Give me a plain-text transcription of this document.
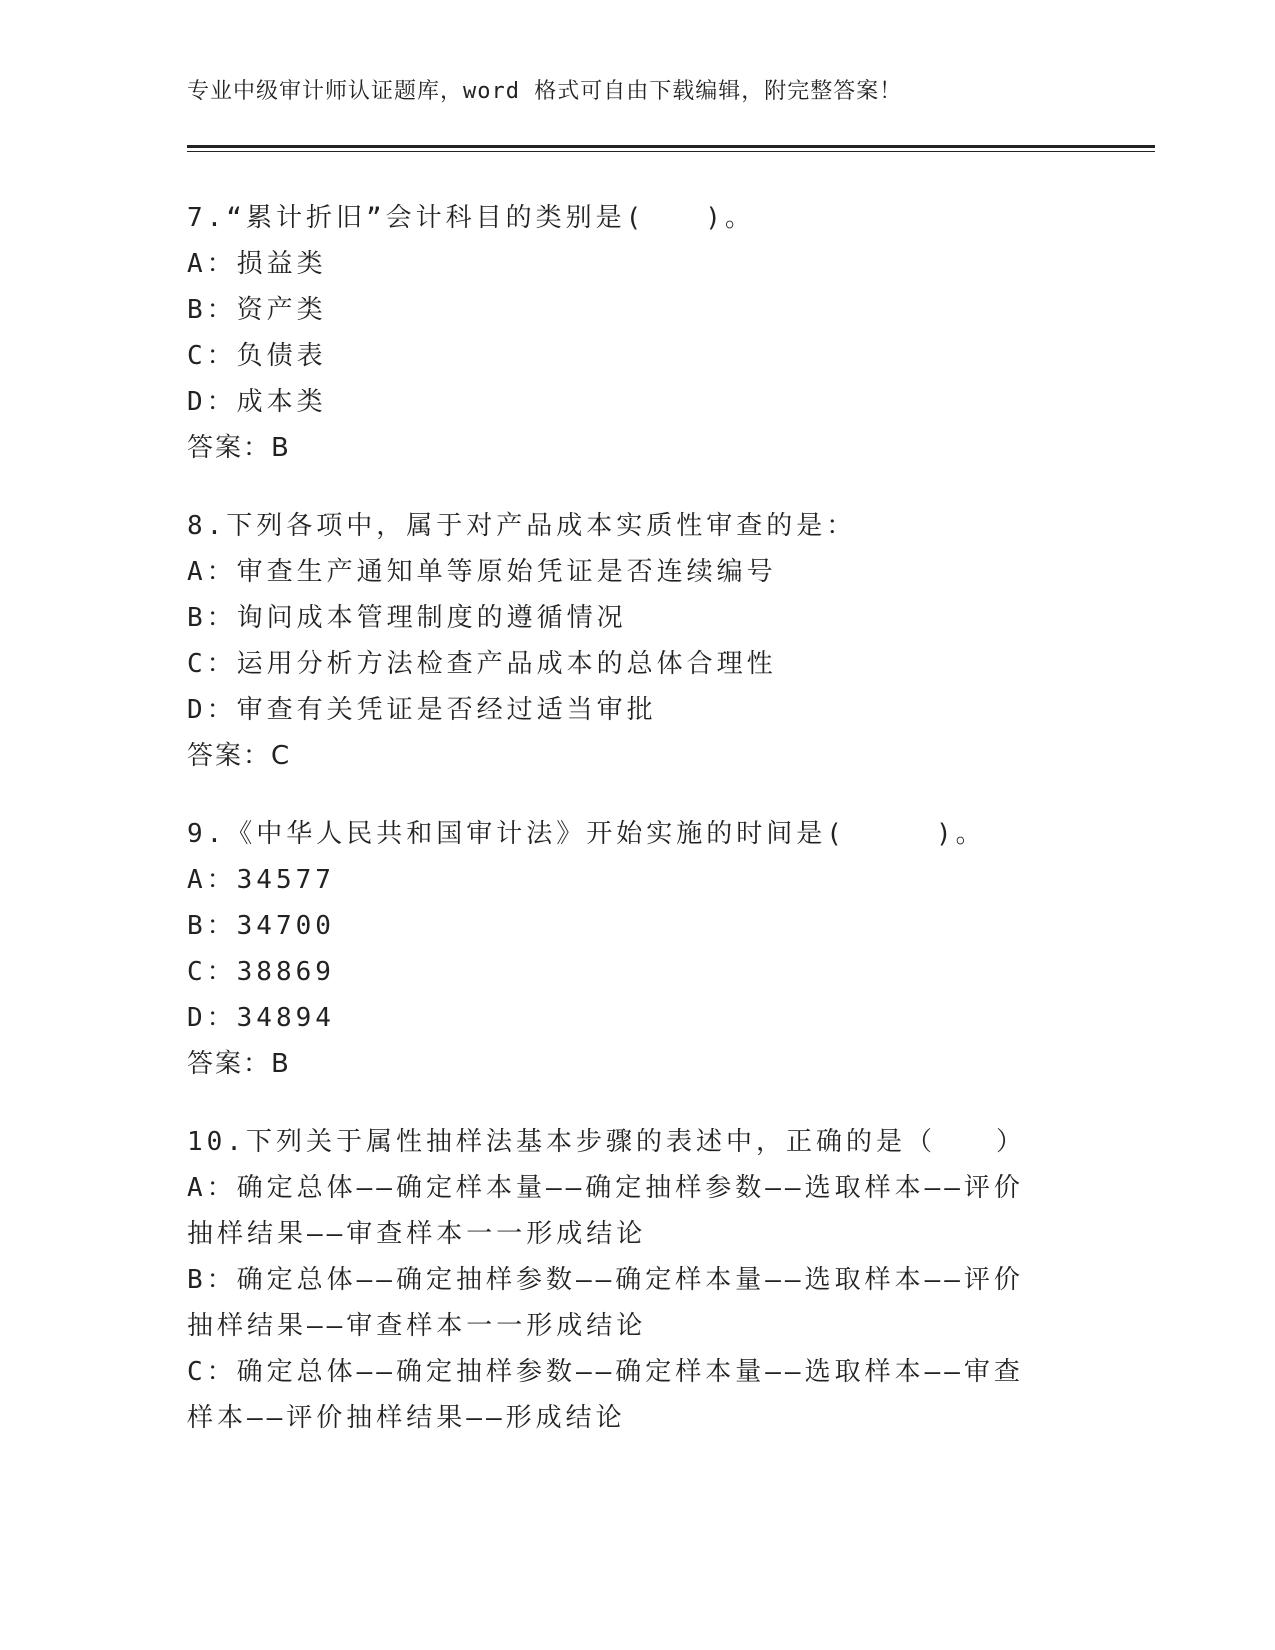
专业中级审计师认证题库，word 格式可自由下载编辑，附完整答案！
7.“累计折旧”会计科目的类别是(　　)。
A：损益类
B：资产类
C：负债表
D：成本类
答案：B
8.下列各项中，属于对产品成本实质性审查的是：
A：审查生产通知单等原始凭证是否连续编号
B：询问成本管理制度的遵循情况
C：运用分析方法检查产品成本的总体合理性
D：审查有关凭证是否经过适当审批
答案：C
9.《中华人民共和国审计法》开始实施的时间是(　　　)。
A：34577
B：34700
C：38869
D：34894
答案：B
10.下列关于属性抽样法基本步骤的表述中，正确的是（　　）
A：确定总体——确定样本量——确定抽样参数——选取样本——评价
抽样结果——审查样本一一形成结论
B：确定总体——确定抽样参数——确定样本量——选取样本——评价
抽样结果——审查样本一一形成结论
C：确定总体——确定抽样参数——确定样本量——选取样本——审查
样本——评价抽样结果——形成结论
